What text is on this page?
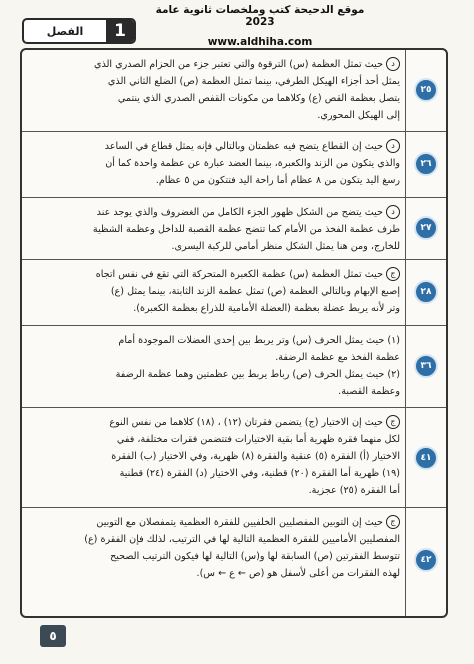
موقع الدحيحة كتب وملخصات ثانوية عامة 2023
1
الفصل
www.aldhiha.com
٢٥

دحيث تمثل العظمة (س) الترقوة والتي تعتبر جزء من الحزام الصدري الذي

يمثل أحد أجزاء الهيكل الطرفي، بينما تمثل العظمة (ص) الضلع الثاني الذي

يتصل بعظمة القص (ع) وكلاهما من مكونات القفص الصدري الذي ينتمي

إلى الهيكل المحوري.

٢٦

دحيث إن القطاع يتضح فيه عظمتان وبالتالي فإنه يمثل قطاع في الساعد

والذي يتكون من الزند والكعبرة، بينما العضد عبارة عن عظمة واحدة كما أن

رسغ اليد يتكون من ٨ عظام أما راحة اليد فتتكون من ٥ عظام.

٢٧

دحيث يتضح من الشكل ظهور الجزء الكامل من الغضروف والذي يوجد عند

طرف عظمة الفخذ من الأمام كما تتضح عظمة القصبة للداخل وعظمة الشظية

للخارج، ومن هنا يمثل الشكل منظر أمامي للركبة اليسرى.

٢٨

جحيث تمثل العظمة (س) عظمة الكعبرة المتحركة التي تقع في نفس اتجاه

إصبع الإبهام وبالتالي العظمة (ص) تمثل عظمة الزند الثابتة، بينما يمثل (ع)

وتر لأنه يربط عضلة بعظمة (العضلة الأمامية للذراع بعظمة الكعبرة).

٣٦

(١) حيث يمثل الحرف (س) وتر يربط بين إحدى العضلات الموجودة أمام

عظمة الفخذ مع عظمة الرضفة.

(٢) حيث يمثل الحرف (ص) رباط يربط بين عظمتين وهما عظمة الرضفة

وعظمة القصبة.

٤١

جحيث إن الاختيار (ج) يتضمن فقرتان (١٢) ، (١٨) كلاهما من نفس النوع

لكل منهما فقرة ظهرية أما بقية الاختيارات فتتضمن فقرات مختلفة، ففي

الاختيار (أ) الفقرة (٥) عنقية والفقرة (٨) ظهرية، وفي الاختيار (ب) الفقرة

(١٩) ظهرية أما الفقرة (٢٠) قطنية، وفي الاختيار (د) الفقرة (٢٤) قطنية

أما الفقرة (٢٥) عجزية.

٤٢

جحيث إن التوبين المفصليين الخلفيين للفقرة العظمية يتمفصلان مع التوبين

المفصليين الأماميين للفقرة العظمية التالية لها في الترتيب، لذلك فإن الفقرة (ع)

تتوسط الفقرتين (ص) السابقة لها و(س) التالية لها فيكون الترتيب الصحيح

لهذه الفقرات من أعلى لأسفل هو (ص ← ع ← س).

٥
